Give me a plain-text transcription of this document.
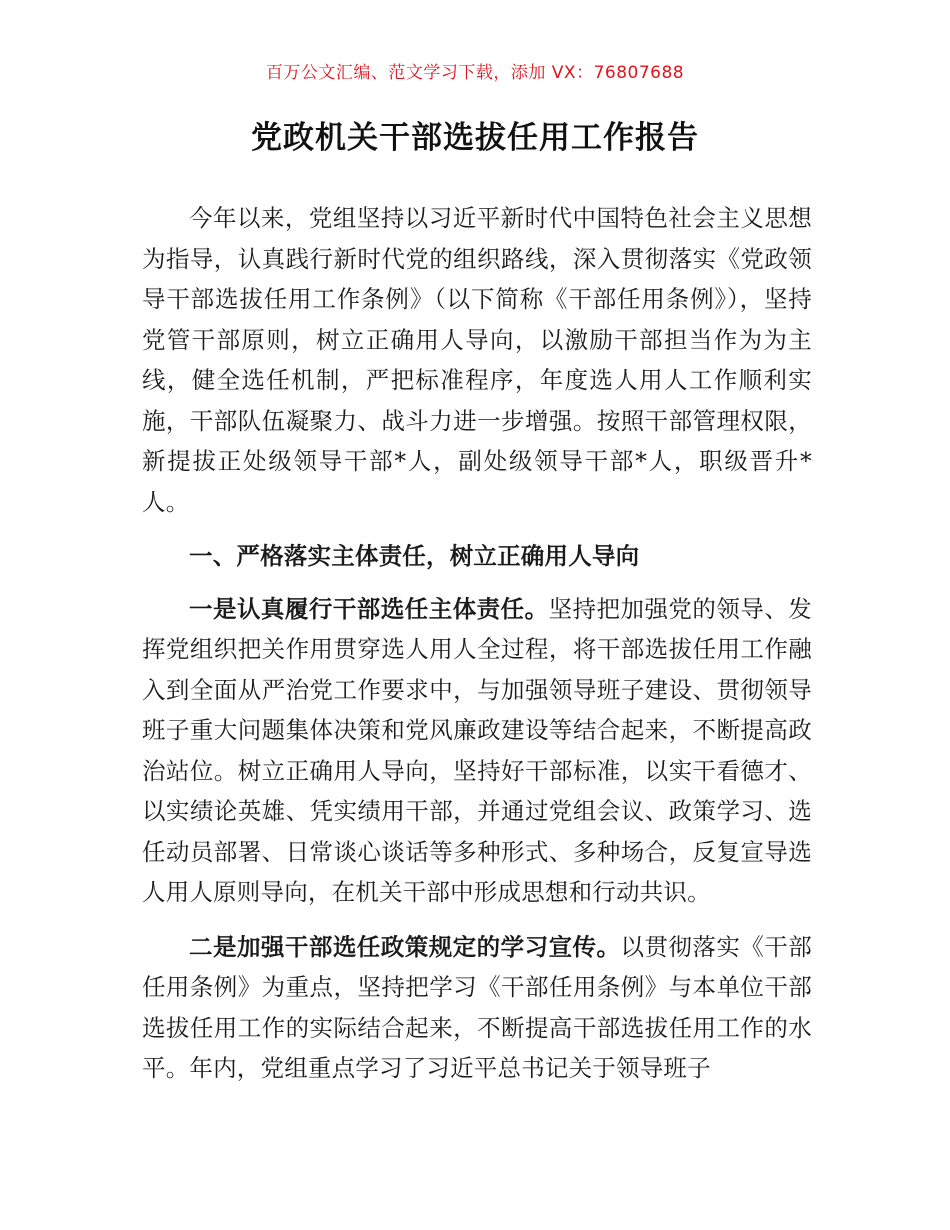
百万公文汇编、范文学习下载，添加 VX：76807688
党政机关干部选拔任用工作报告

今年以来，党组坚持以习近平新时代中国特色社会主义思想为指导，认真践行新时代党的组织路线，深入贯彻落实《党政领导干部选拔任用工作条例》（以下简称《干部任用条例》），坚持党管干部原则，树立正确用人导向，以激励干部担当作为为主线，健全选任机制，严把标准程序，年度选人用人工作顺利实施，干部队伍凝聚力、战斗力进一步增强。按照干部管理权限，新提拔正处级领导干部*人，副处级领导干部*人，职级晋升*人。

一、严格落实主体责任，树立正确用人导向

一是认真履行干部选任主体责任。坚持把加强党的领导、发挥党组织把关作用贯穿选人用人全过程，将干部选拔任用工作融入到全面从严治党工作要求中，与加强领导班子建设、贯彻领导班子重大问题集体决策和党风廉政建设等结合起来，不断提高政治站位。树立正确用人导向，坚持好干部标准，以实干看德才、以实绩论英雄、凭实绩用干部，并通过党组会议、政策学习、选任动员部署、日常谈心谈话等多种形式、多种场合，反复宣导选人用人原则导向，在机关干部中形成思想和行动共识。

二是加强干部选任政策规定的学习宣传。以贯彻落实《干部任用条例》为重点，坚持把学习《干部任用条例》与本单位干部选拔任用工作的实际结合起来，不断提高干部选拔任用工作的水平。年内，党组重点学习了习近平总书记关于领导班子
